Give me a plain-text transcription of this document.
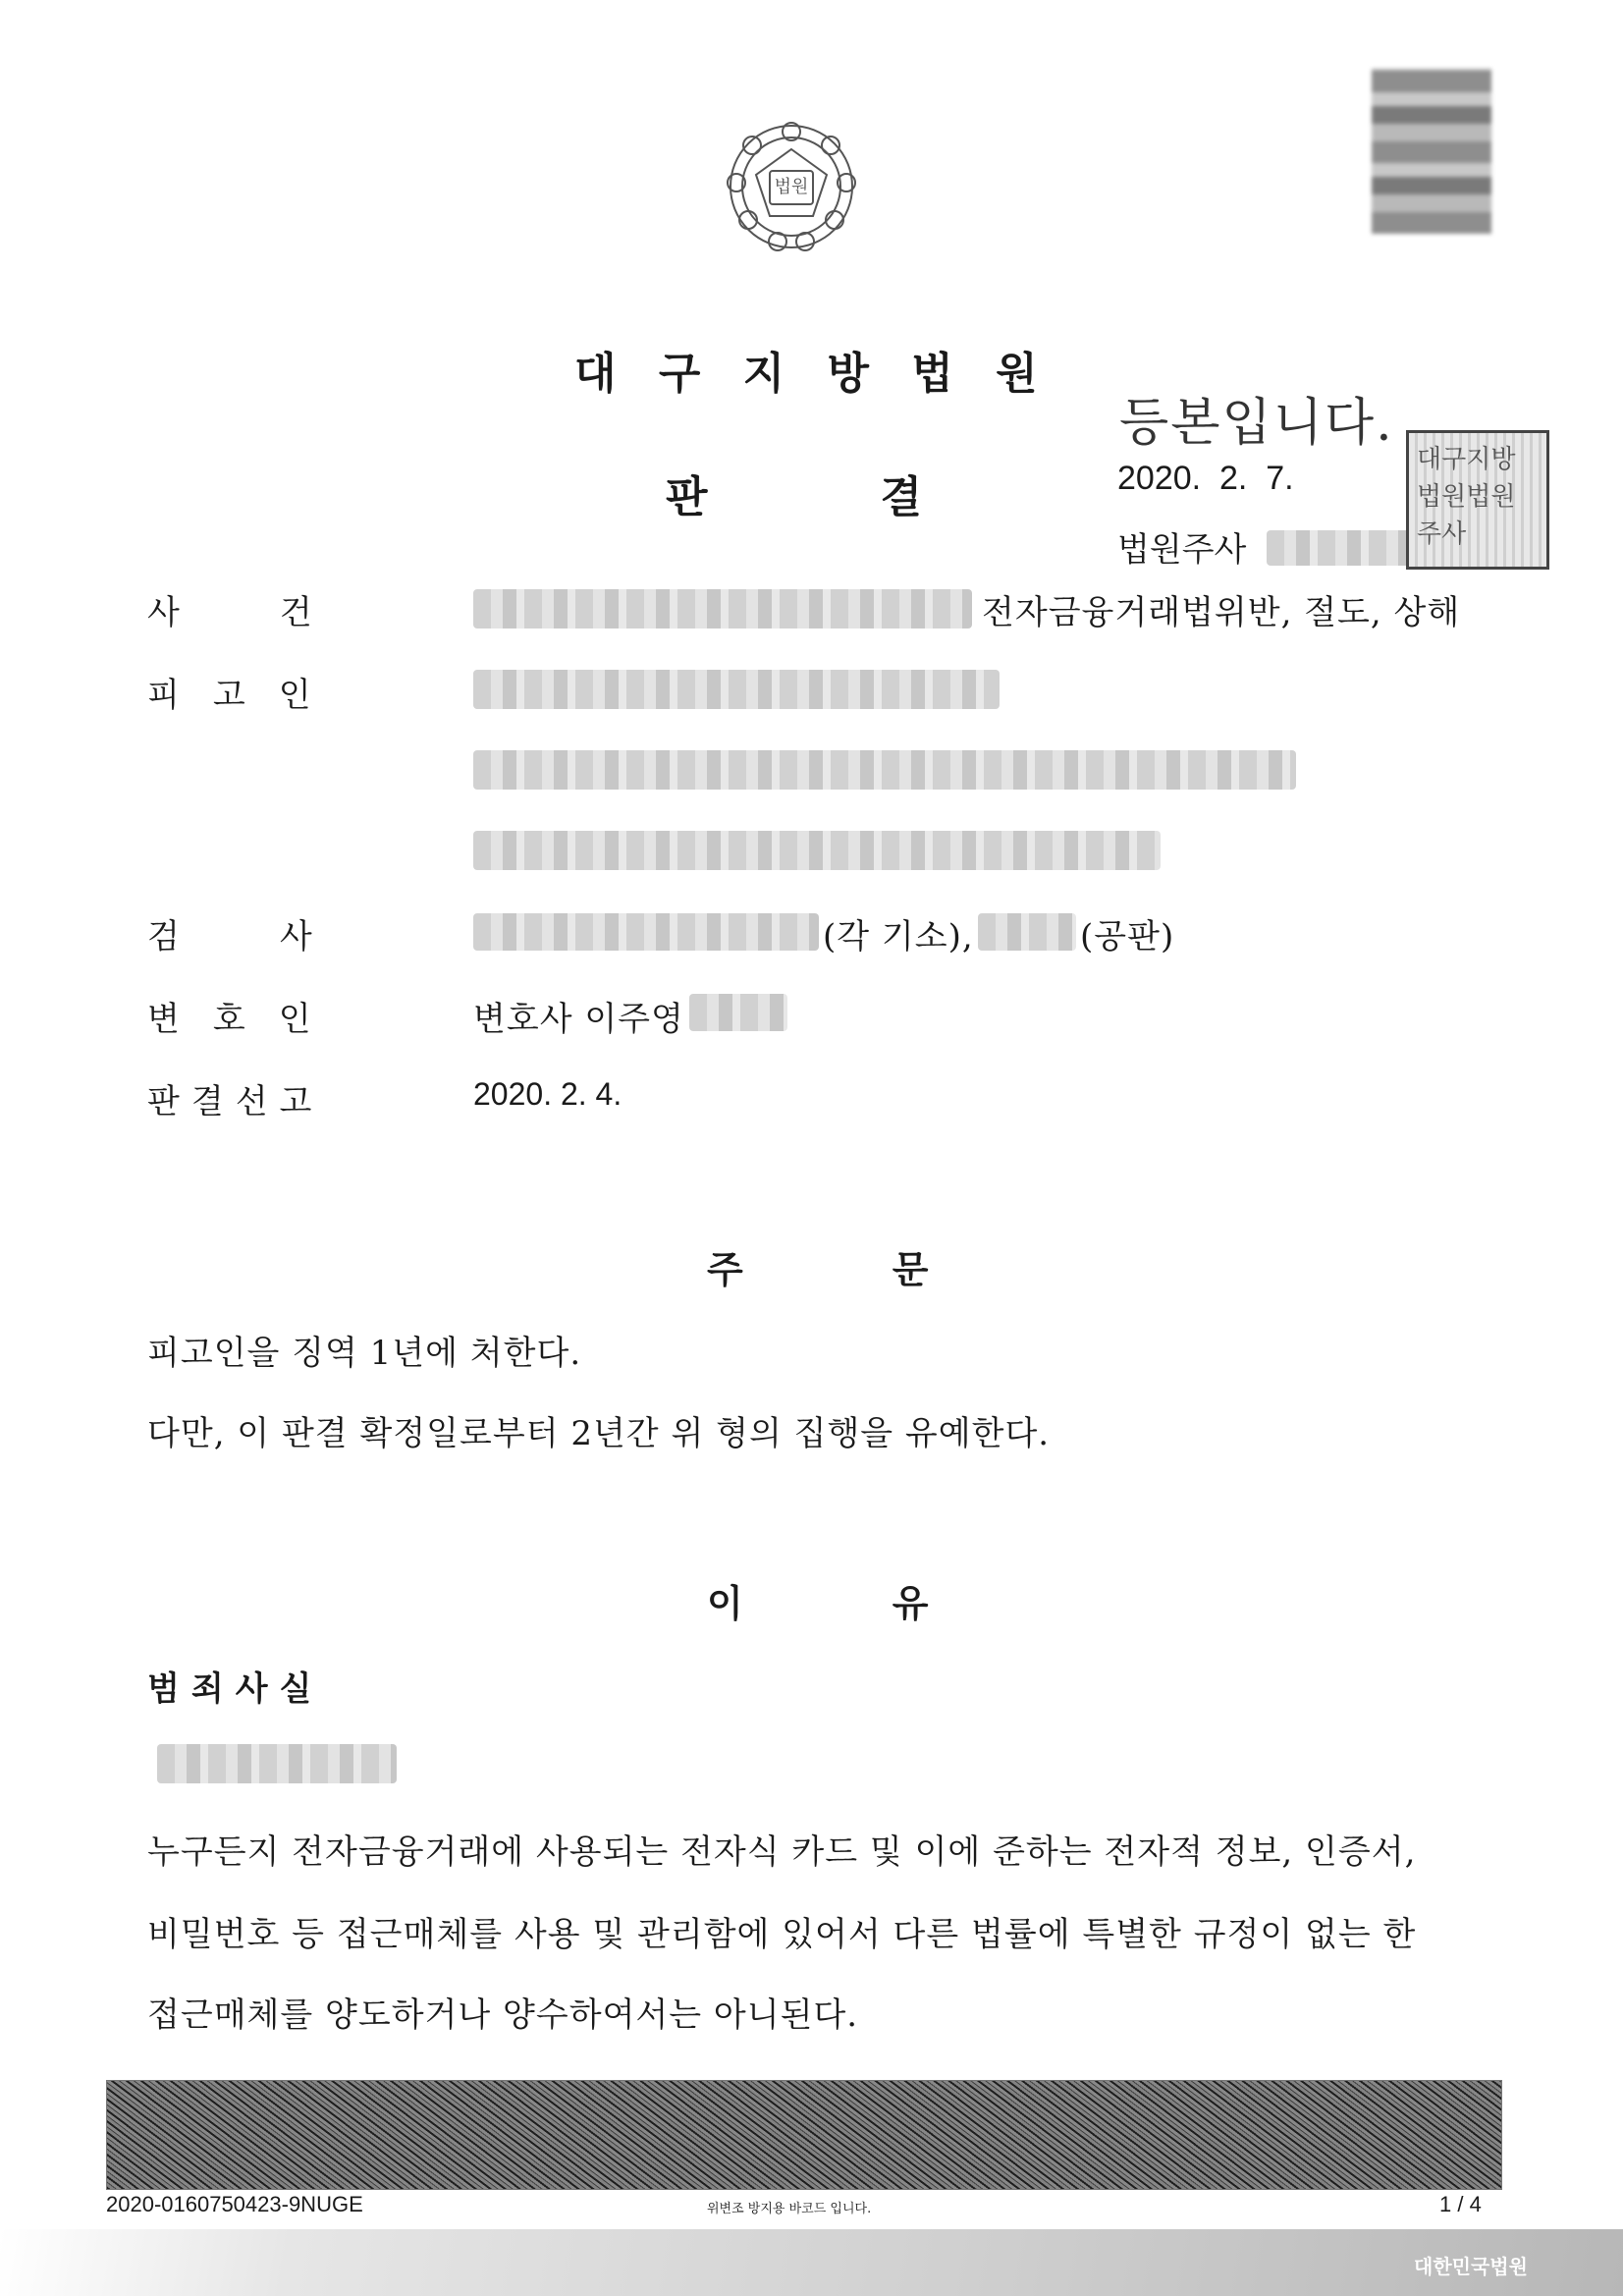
법원
대 구 지 방 법 원
등본입니다.
판　　　　결	2020.  2.  7.
법원주사
대구지방법원법원주사
사　　　건	전자금융거래법위반, 절도, 상해
피　고　인
검　　　사	(각 기소),	(공판)
변　호　인	변호사 이주영
판결선고	2020. 2. 4.
주　　　　문
피고인을 징역 1년에 처한다.
다만, 이 판결 확정일로부터 2년간 위 형의 집행을 유예한다.
이　　　　유
범죄사실
누구든지 전자금융거래에 사용되는 전자식 카드 및 이에 준하는 전자적 정보, 인증서,
비밀번호 등 접근매체를 사용 및 관리함에 있어서 다른 법률에 특별한 규정이 없는 한
접근매체를 양도하거나 양수하여서는 아니된다.
2020-0160750423-9NUGE	위변조 방지용 바코드 입니다.	1 / 4
대한민국법원
